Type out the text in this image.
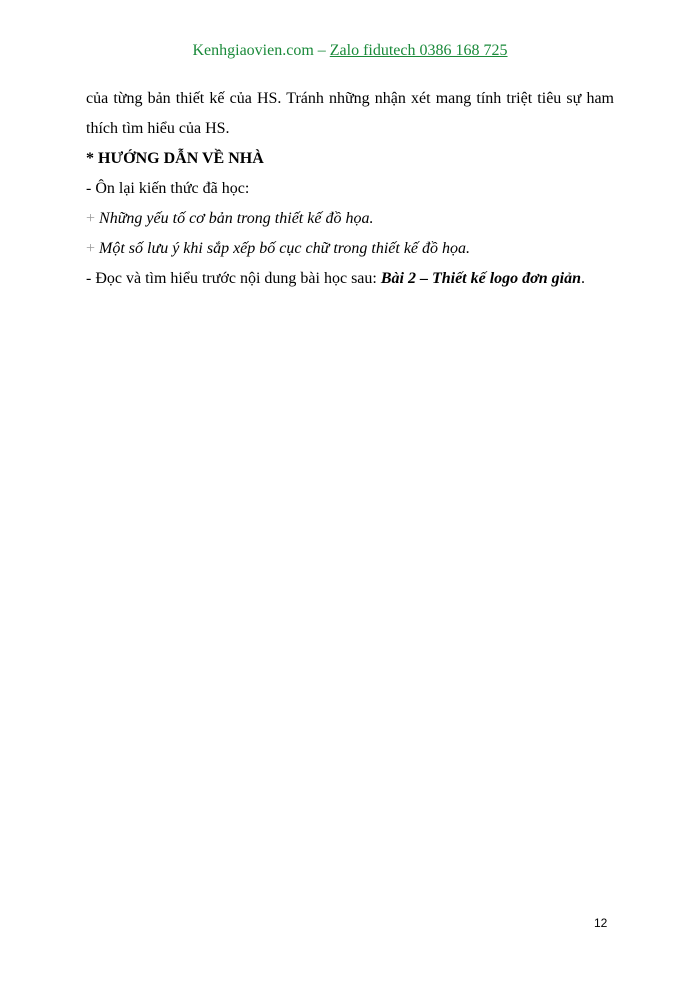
Kenhgiaovien.com – Zalo fidutech 0386 168 725

của từng bản thiết kế của HS. Tránh những nhận xét mang tính triệt tiêu sự ham

thích tìm hiểu của HS.

* HƯỚNG DẪN VỀ NHÀ

- Ôn lại kiến thức đã học:

+ Những yếu tố cơ bản trong thiết kế đồ họa.

+ Một số lưu ý khi sắp xếp bố cục chữ trong thiết kế đồ họa.

- Đọc và tìm hiểu trước nội dung bài học sau: Bài 2 – Thiết kế logo đơn giản.

12
